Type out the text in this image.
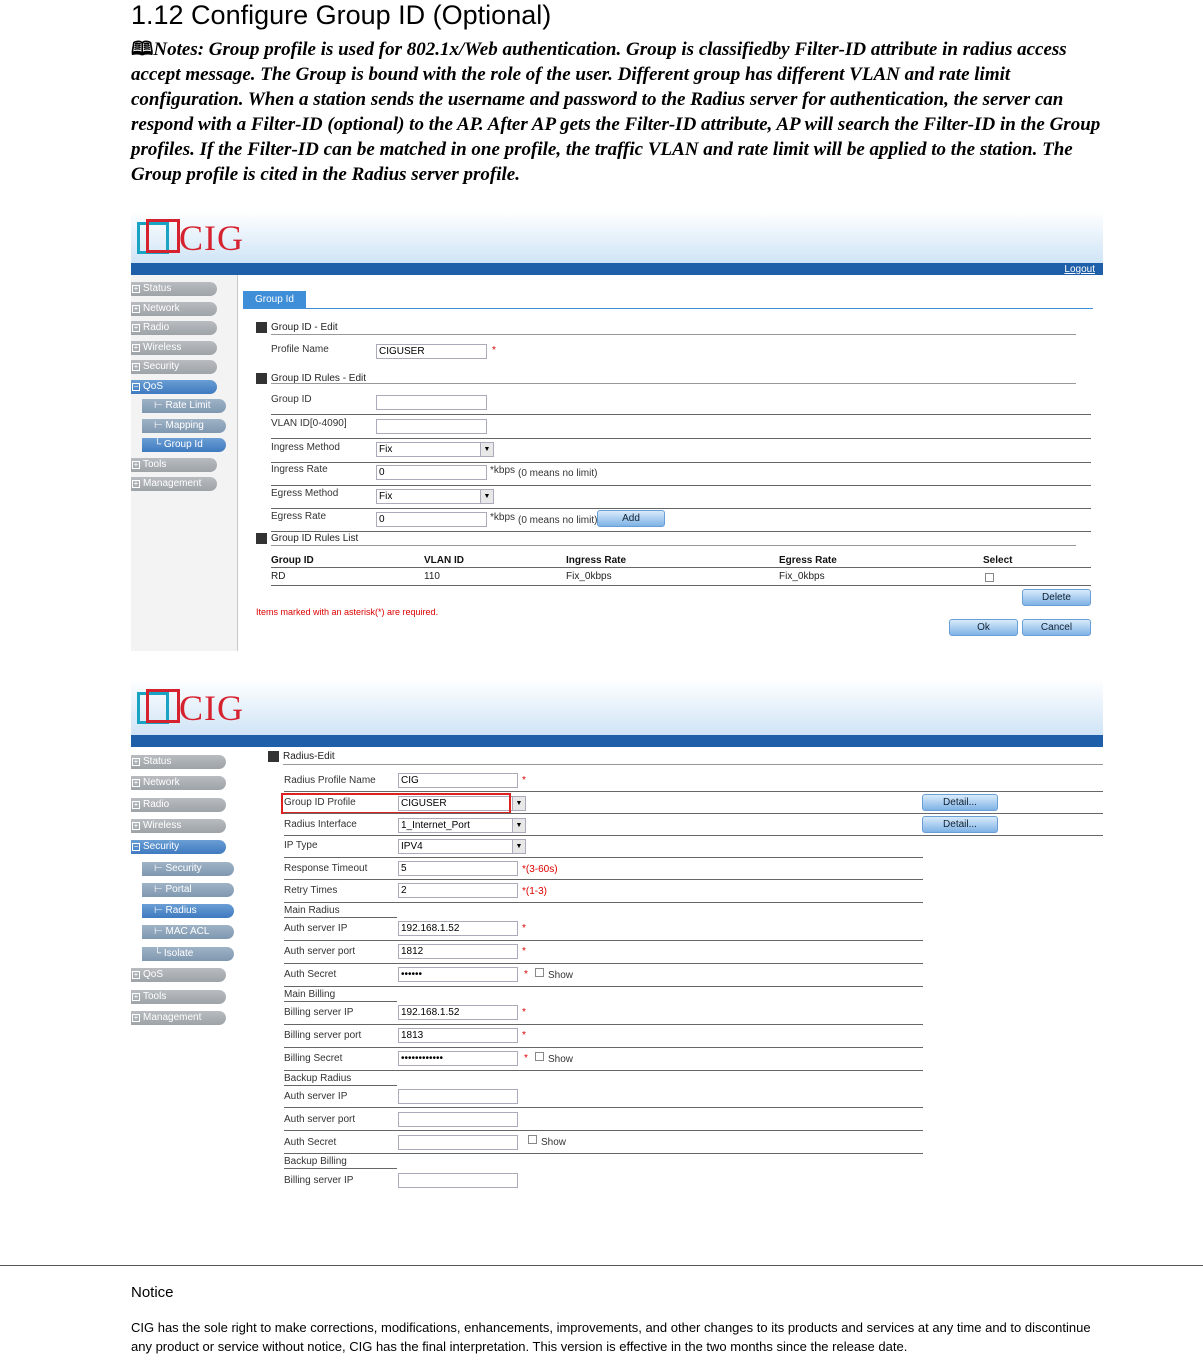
1.12 Configure Group ID (Optional)
🕮Notes: Group profile is used for 802.1x/Web authentication. Group is classifiedby Filter-ID attribute in radius access accept message. The Group is bound with the role of the user. Different group has different VLAN and rate limit configuration. When a station sends the username and password to the Radius server for authentication, the server can respond with a Filter-ID (optional) to the AP. After AP gets the Filter-ID attribute, AP will search the Filter-ID in the Group profiles. If the Filter-ID can be matched in one profile, the traffic VLAN and rate limit will be applied to the station. The Group profile is cited in the Radius server profile.
CIG
Logout
+ Status
+ Network
+ Radio
+ Wireless
+ Security
− QoS
⊢ Rate Limit
⊢ Mapping
└ Group Id
+ Tools
+ Management
Group Id
Group ID - Edit
Profile Name	CIGUSER	*
Group ID Rules - Edit
Group ID
VLAN ID[0-4090]
Ingress Method	Fix	▼
Ingress Rate	0	*kbps (0 means no limit)
Egress Method	Fix	▼
Egress Rate	0	*kbps (0 means no limit)	Add
Group ID Rules List
Group ID	VLAN ID	Ingress Rate	Egress Rate	Select
RD	110	Fix_0kbps	Fix_0kbps
Delete
Items marked with an asterisk(*) are required.
Ok	Cancel
CIG
+ Status
+ Network
+ Radio
+ Wireless
− Security
⊢ Security
⊢ Portal
⊢ Radius
⊢ MAC ACL
└ Isolate
+ QoS
+ Tools
+ Management
Radius-Edit
Radius Profile Name	CIG	*
Group ID Profile	CIGUSER	▼	Detail...
Radius Interface	1_Internet_Port	▼	Detail...
IP Type	IPV4	▼
Response Timeout	5	*(3-60s)
Retry Times	2	*(1-3)
Main Radius
Auth server IP	192.168.1.52	*
Auth server port	1812	*
Auth Secret	••••••	* Show
Main Billing
Billing server IP	192.168.1.52	*
Billing server port	1813	*
Billing Secret	••••••••••••	* Show
Backup Radius
Auth server IP
Auth server port
Auth Secret	Show
Backup Billing
Billing server IP
Notice
CIG has the sole right to make corrections, modifications, enhancements, improvements, and other changes to its products and services at any time and to discontinue any product or service without notice, CIG has the final interpretation. This version is effective in the two months since the release date.
